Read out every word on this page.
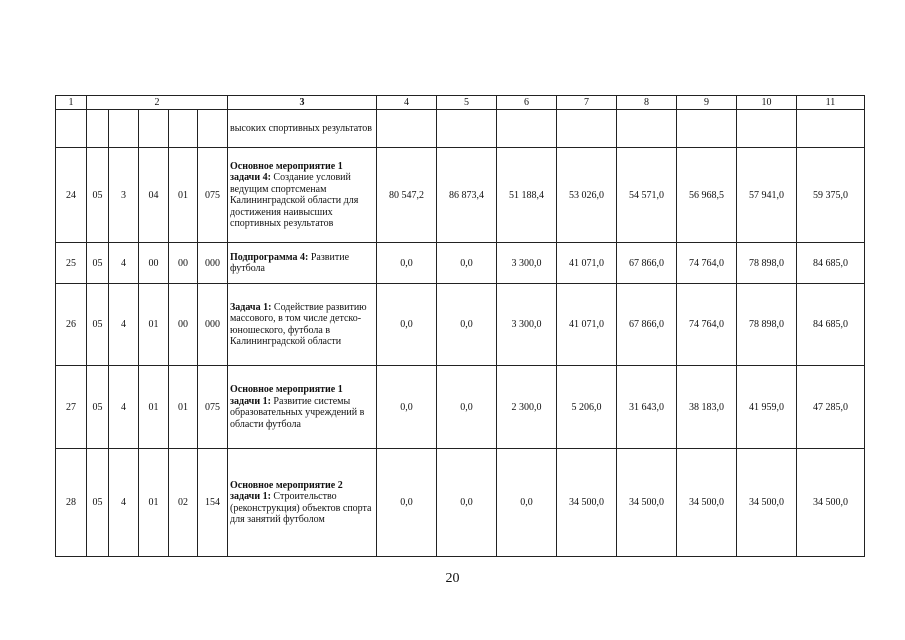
1	2					3	4	5	6	7	8	9	10	11
						высоких спортивных результатов								
24	05	3	04	01	075	Основное мероприятие 1 задачи 4: Создание условий ведущим спортсменам Калининградской области для достижения наивысших спортивных результатов	80 547,2	86 873,4	51 188,4	53 026,0	54 571,0	56 968,5	57 941,0	59 375,0
25	05	4	00	00	000	Подпрограмма 4: Развитие футбола	0,0	0,0	3 300,0	41 071,0	67 866,0	74 764,0	78 898,0	84 685,0
26	05	4	01	00	000	Задача 1: Содействие развитию массового, в том числе детско-юношеского, футбола в Калининградской области	0,0	0,0	3 300,0	41 071,0	67 866,0	74 764,0	78 898,0	84 685,0
27	05	4	01	01	075	Основное мероприятие 1 задачи 1: Развитие системы образовательных учреждений в области футбола	0,0	0,0	2 300,0	5 206,0	31 643,0	38 183,0	41 959,0	47 285,0
28	05	4	01	02	154	Основное мероприятие 2 задачи 1: Строительство (реконструкция) объектов спорта для занятий футболом	0,0	0,0	0,0	34 500,0	34 500,0	34 500,0	34 500,0	34 500,0
20
